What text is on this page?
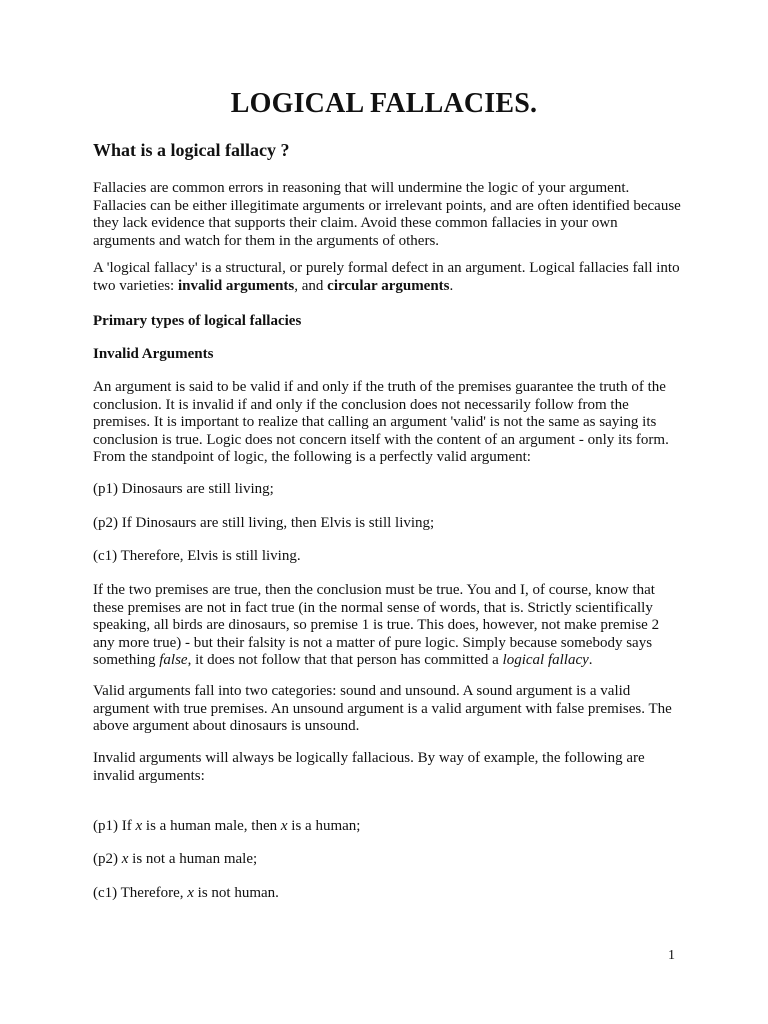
LOGICAL FALLACIES.
What is a logical fallacy ?
Fallacies are common errors in reasoning that will undermine the logic of your argument. Fallacies can be either illegitimate arguments or irrelevant points, and are often identified because they lack evidence that supports their claim. Avoid these common fallacies in your own arguments and watch for them in the arguments of others.
A 'logical fallacy' is a structural, or purely formal defect in an argument. Logical fallacies fall into two varieties: invalid arguments, and circular arguments.
Primary types of logical fallacies
Invalid Arguments
An argument is said to be valid if and only if the truth of the premises guarantee the truth of the conclusion. It is invalid if and only if the conclusion does not necessarily follow from the premises. It is important to realize that calling an argument 'valid' is not the same as saying its conclusion is true. Logic does not concern itself with the content of an argument - only its form. From the standpoint of logic, the following is a perfectly valid argument:
(p1) Dinosaurs are still living;
(p2) If Dinosaurs are still living, then Elvis is still living;
(c1) Therefore, Elvis is still living.
If the two premises are true, then the conclusion must be true. You and I, of course, know that these premises are not in fact true (in the normal sense of words, that is. Strictly scientifically speaking, all birds are dinosaurs, so premise 1 is true. This does, however, not make premise 2 any more true) - but their falsity is not a matter of pure logic. Simply because somebody says something false, it does not follow that that person has committed a logical fallacy.
Valid arguments fall into two categories: sound and unsound. A sound argument is a valid argument with true premises. An unsound argument is a valid argument with false premises. The above argument about dinosaurs is unsound.
Invalid arguments will always be logically fallacious. By way of example, the following are invalid arguments:
(p1) If x is a human male, then x is a human;
(p2) x is not a human male;
(c1) Therefore, x is not human.
1
